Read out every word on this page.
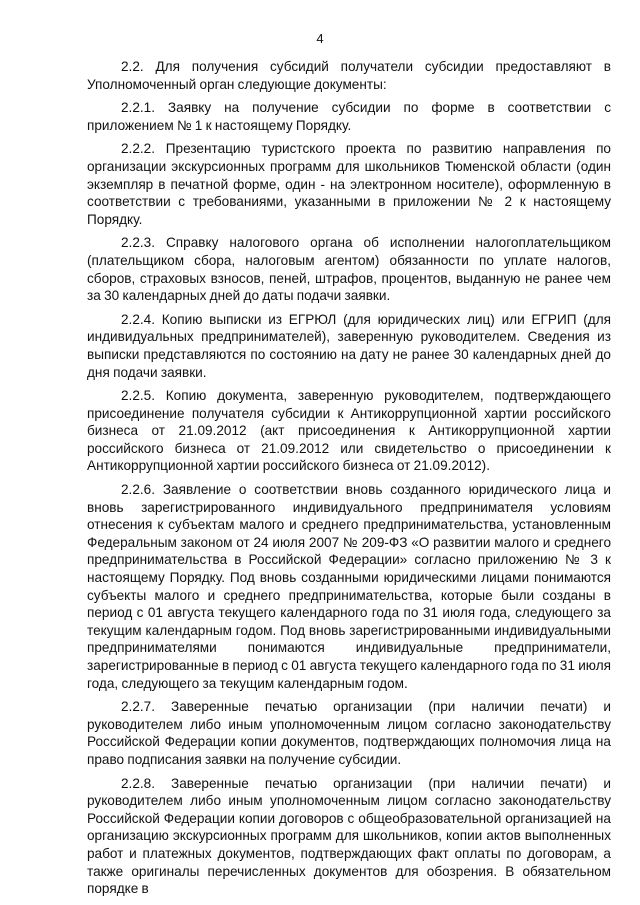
4

2.2. Для получения субсидий получатели субсидии предоставляют в Уполномоченный орган следующие документы:

2.2.1. Заявку на получение субсидии по форме в соответствии с приложением № 1 к настоящему Порядку.

2.2.2. Презентацию туристского проекта по развитию направления по организации экскурсионных программ для школьников Тюменской области (один экземпляр в печатной форме, один - на электронном носителе), оформленную в соответствии с требованиями, указанными в приложении № 2 к настоящему Порядку.

2.2.3. Справку налогового органа об исполнении налогоплательщиком (плательщиком сбора, налоговым агентом) обязанности по уплате налогов, сборов, страховых взносов, пеней, штрафов, процентов, выданную не ранее чем за 30 календарных дней до даты подачи заявки.

2.2.4. Копию выписки из ЕГРЮЛ (для юридических лиц) или ЕГРИП (для индивидуальных предпринимателей), заверенную руководителем. Сведения из выписки представляются по состоянию на дату не ранее 30 календарных дней до дня подачи заявки.

2.2.5. Копию документа, заверенную руководителем, подтверждающего присоединение получателя субсидии к Антикоррупционной хартии российского бизнеса от 21.09.2012 (акт присоединения к Антикоррупционной хартии российского бизнеса от 21.09.2012 или свидетельство о присоединении к Антикоррупционной хартии российского бизнеса от 21.09.2012).

2.2.6. Заявление о соответствии вновь созданного юридического лица и вновь зарегистрированного индивидуального предпринимателя условиям отнесения к субъектам малого и среднего предпринимательства, установленным Федеральным законом от 24 июля 2007 № 209-ФЗ «О развитии малого и среднего предпринимательства в Российской Федерации» согласно приложению № 3 к настоящему Порядку. Под вновь созданными юридическими лицами понимаются субъекты малого и среднего предпринимательства, которые были созданы в период с 01 августа текущего календарного года по 31 июля года, следующего за текущим календарным годом. Под вновь зарегистрированными индивидуальными предпринимателями понимаются индивидуальные предприниматели, зарегистрированные в период с 01 августа текущего календарного года по 31 июля года, следующего за текущим календарным годом.

2.2.7. Заверенные печатью организации (при наличии печати) и руководителем либо иным уполномоченным лицом согласно законодательству Российской Федерации копии документов, подтверждающих полномочия лица на право подписания заявки на получение субсидии.

2.2.8. Заверенные печатью организации (при наличии печати) и руководителем либо иным уполномоченным лицом согласно законодательству Российской Федерации копии договоров с общеобразовательной организацией на организацию экскурсионных программ для школьников, копии актов выполненных работ и платежных документов, подтверждающих факт оплаты по договорам, а также оригиналы перечисленных документов для обозрения. В обязательном порядке в
